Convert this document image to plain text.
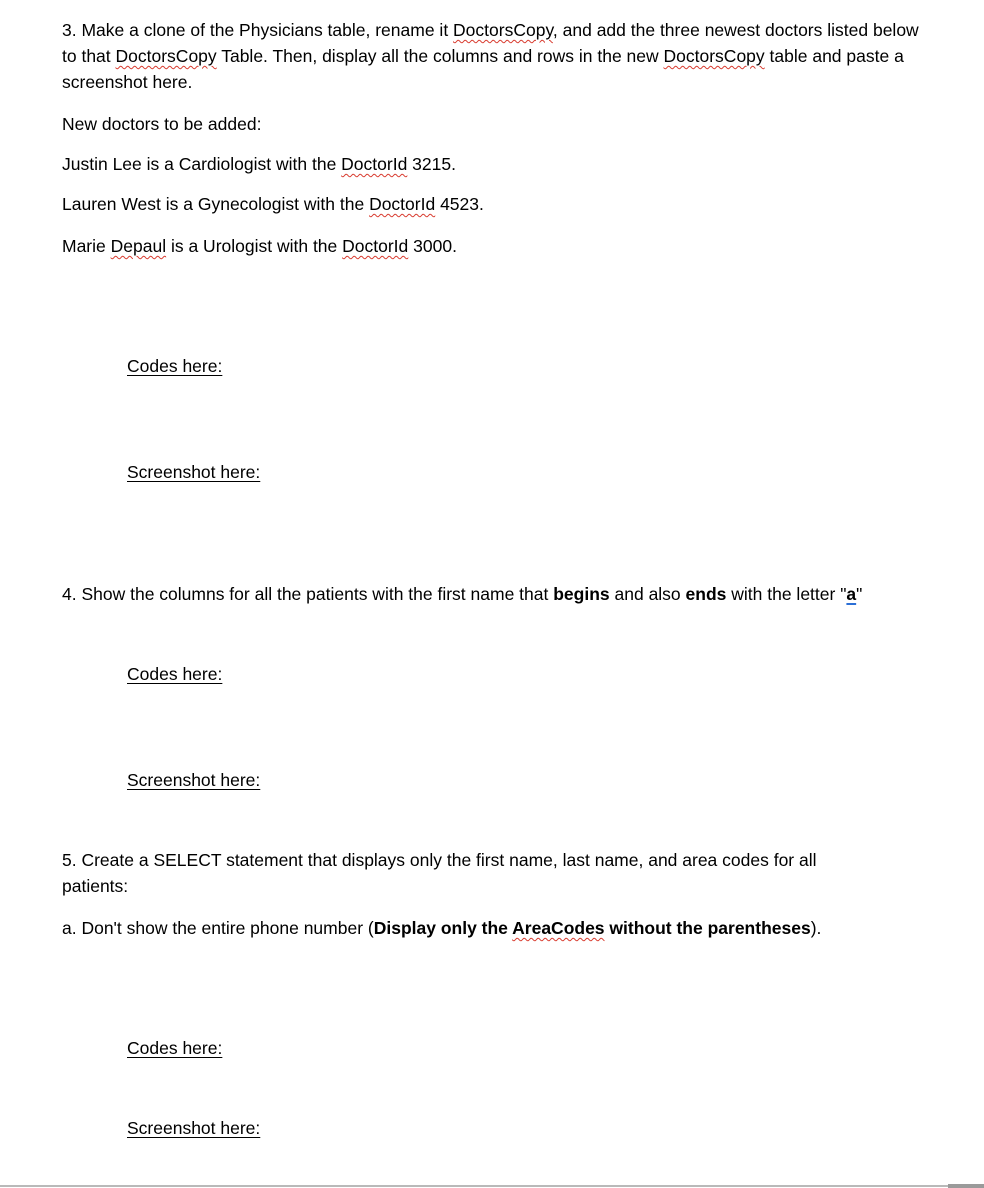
3. Make a clone of the Physicians table, rename it DoctorsCopy, and add the three newest doctors listed below to that DoctorsCopy Table. Then, display all the columns and rows in the new DoctorsCopy table and paste a screenshot here.

New doctors to be added:

Justin Lee is a Cardiologist with the DoctorId 3215.

Lauren West is a Gynecologist with the DoctorId 4523.

Marie Depaul is a Urologist with the DoctorId 3000.

Codes here:
Screenshot here:

4. Show the columns for all the patients with the first name that begins and also ends with the letter "a"

Codes here:
Screenshot here:

5. Create a SELECT statement that displays only the first name, last name, and area codes for all patients:

a. Don't show the entire phone number (Display only the AreaCodes without the parentheses).

Codes here:
Screenshot here:
